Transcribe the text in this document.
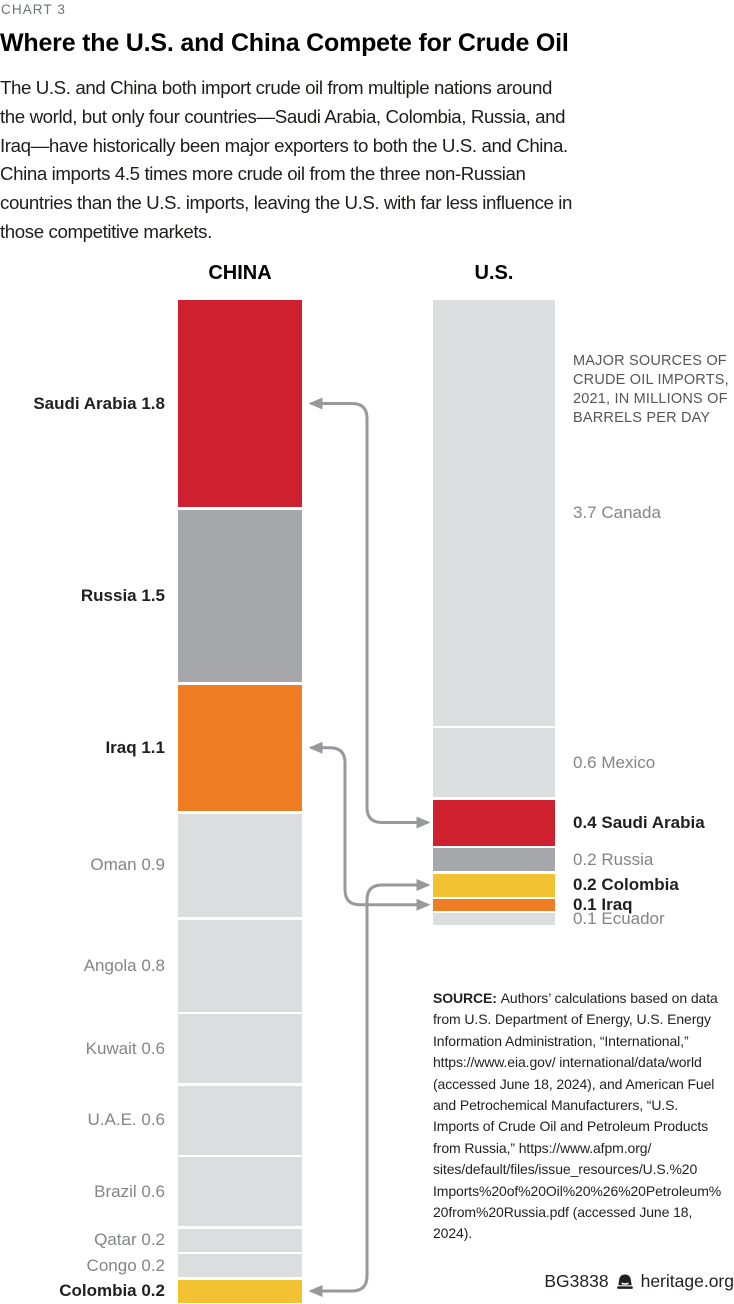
CHART 3
Where the U.S. and China Compete for Crude Oil
The U.S. and China both import crude oil from multiple nations around
the world, but only four countries—Saudi Arabia, Colombia, Russia, and
Iraq—have historically been major exporters to both the U.S. and China.
China imports 4.5 times more crude oil from the three non-Russian
countries than the U.S. imports, leaving the U.S. with far less influence in
those competitive markets.
MAJOR SOURCES OF
CRUDE OIL IMPORTS,
2021, IN MILLIONS OF
BARRELS PER DAY
CHINA
Saudi Arabia 1.8
Russia 1.5
Iraq 1.1
Oman 0.9
Angola 0.8
Kuwait 0.6
U.A.E. 0.6
Brazil 0.6
Qatar 0.2
Congo 0.2
Colombia 0.2
U.S.
3.7 Canada
0.6 Mexico
0.4 Saudi Arabia
0.2 Russia
0.2 Colombia
0.1 Iraq
0.1 Ecuador
SOURCE: Authors’ calculations based on data
from U.S. Department of Energy, U.S. Energy
Information Administration, “International,”
https://www.eia.gov/ international/data/world
(accessed June 18, 2024), and American Fuel
and Petrochemical Manufacturers, “U.S.
Imports of Crude Oil and Petroleum Products
from Russia,” https://www.afpm.org/
sites/default/files/issue_resources/U.S.%20
Imports%20of%20Oil%20%26%20Petroleum%
20from%20Russia.pdf (accessed June 18,
2024).
BG3838 heritage.org
